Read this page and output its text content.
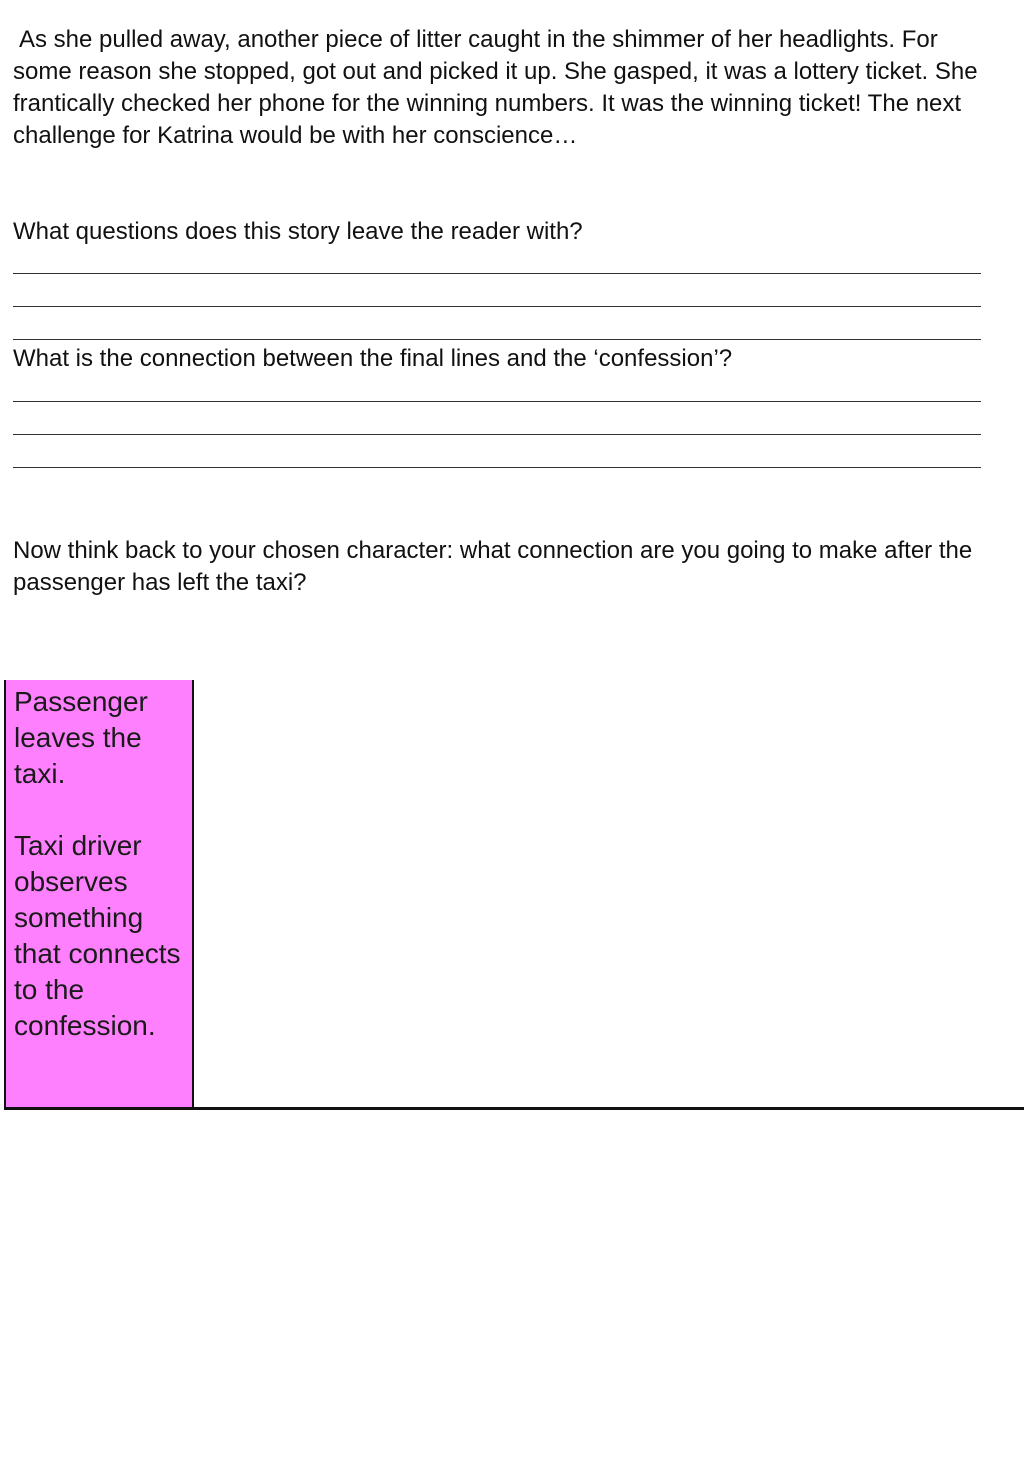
As she pulled away, another piece of litter caught in the shimmer of her headlights. For some reason she stopped, got out and picked it up. She gasped, it was a lottery ticket. She frantically checked her phone for the winning numbers. It was the winning ticket! The next challenge for Katrina would be with her conscience…

What questions does this story leave the reader with?

What is the connection between the final lines and the ‘confession’?

Now think back to your chosen character: what connection are you going to make after the passenger has left the taxi?

Passenger leaves the taxi.

Taxi driver observes something that connects to the confession.
